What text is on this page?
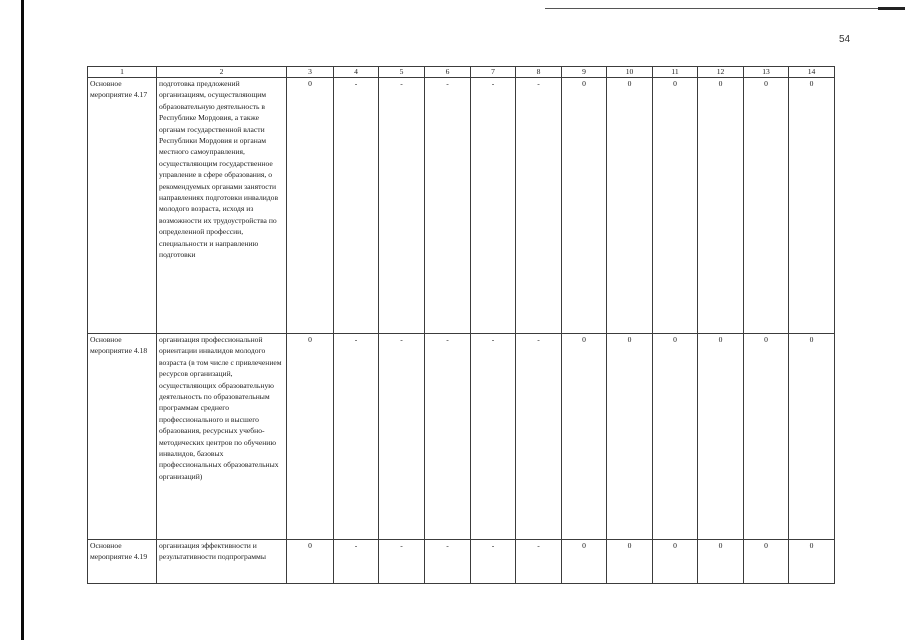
54
1	2	3	4	5	6	7	8	9	10	11	12	13	14
Основное мероприятие 4.17	подготовка предложений организациям, осуществляющим образовательную деятельность в Республике Мордовия, а также органам государственной власти Республики Мордовия и органам местного самоуправления, осуществляющим государственное управление в сфере образования, о рекомендуемых органами занятости направлениях подготовки инвалидов молодого возраста, исходя из возможности их трудоустройства по определенной профессии, специальности и направлению подготовки	0	-	-	-	-	-	0	0	0	0	0	0
Основное мероприятие 4.18	организация профессиональной ориентации инвалидов молодого возраста (в том числе с привлечением ресурсов организаций, осуществляющих образовательную деятельность по образовательным программам среднего профессионального и высшего образования, ресурсных учебно-методических центров по обучению инвалидов, базовых профессиональных образовательных организаций)	0	-	-	-	-	-	0	0	0	0	0	0
Основное мероприятие 4.19	организация эффективности и результативности подпрограммы	0	-	-	-	-	-	0	0	0	0	0	0
